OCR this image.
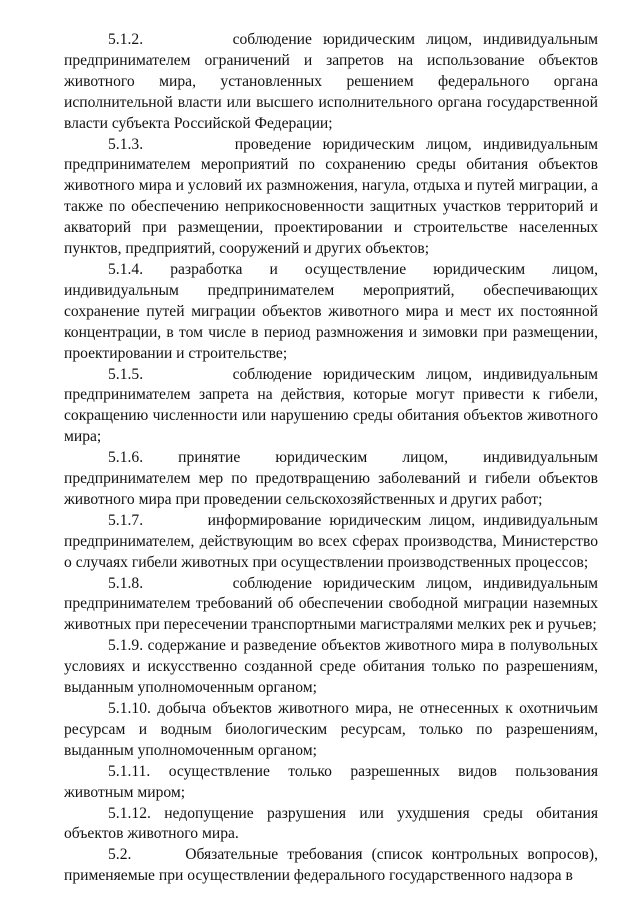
5.1.2.	соблюдение юридическим лицом, индивидуальным предпринимателем ограничений и запретов на использование объектов животного мира, установленных решением федерального органа исполнительной власти или высшего исполнительного органа государственной власти субъекта Российской Федерации;

5.1.3.	проведение юридическим лицом, индивидуальным предпринимателем мероприятий по сохранению среды обитания объектов животного мира и условий их размножения, нагула, отдыха и путей миграции, а также по обеспечению неприкосновенности защитных участков территорий и акваторий при размещении, проектировании и строительстве населенных пунктов, предприятий, сооружений и других объектов;

5.1.4. разработка и осуществление юридическим лицом, индивидуальным предпринимателем мероприятий, обеспечивающих сохранение путей миграции объектов животного мира и мест их постоянной концентрации, в том числе в период размножения и зимовки при размещении, проектировании и строительстве;

5.1.5.	соблюдение юридическим лицом, индивидуальным предпринимателем запрета на действия, которые могут привести к гибели, сокращению численности или нарушению среды обитания объектов животного мира;

5.1.6. принятие юридическим лицом, индивидуальным предпринимателем мер по предотвращению заболеваний и гибели объектов животного мира при проведении сельскохозяйственных и других работ;

5.1.7.	информирование юридическим лицом, индивидуальным предпринимателем, действующим во всех сферах производства, Министерство о случаях гибели животных при осуществлении производственных процессов;

5.1.8.	соблюдение юридическим лицом, индивидуальным предпринимателем требований об обеспечении свободной миграции наземных животных при пересечении транспортными магистралями мелких рек и ручьев;

5.1.9. содержание и разведение объектов животного мира в полувольных условиях и искусственно созданной среде обитания только по разрешениям, выданным уполномоченным органом;

5.1.10. добыча объектов животного мира, не отнесенных к охотничьим ресурсам и водным биологическим ресурсам, только по разрешениям, выданным уполномоченным органом;

5.1.11. осуществление только разрешенных видов пользования животным миром;

5.1.12. недопущение разрушения или ухудшения среды обитания объектов животного мира.

5.2.	Обязательные требования (список контрольных вопросов), применяемые при осуществлении федерального государственного надзора в
